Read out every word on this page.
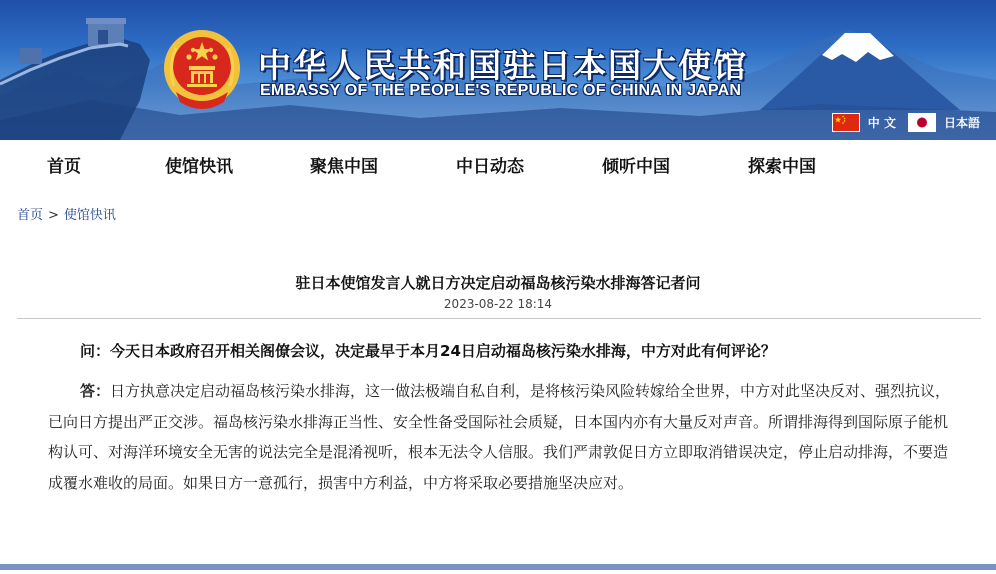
中华人民共和国驻日本国大使馆
EMBASSY OF THE PEOPLE'S REPUBLIC OF CHINA IN JAPAN
中 文	日本語
首页	使馆快讯	聚焦中国	中日动态	倾听中国	探索中国
首页 > 使馆快讯
驻日本使馆发言人就日方决定启动福岛核污染水排海答记者问
2023-08-22 18:14
问：今天日本政府召开相关阁僚会议，决定最早于本月24日启动福岛核污染水排海，中方对此有何评论？
答：日方执意决定启动福岛核污染水排海，这一做法极端自私自利，是将核污染风险转嫁给全世界，中方对此坚决反对、强烈抗议，已向日方提出严正交涉。福岛核污染水排海正当性、安全性备受国际社会质疑，日本国内亦有大量反对声音。所谓排海得到国际原子能机构认可、对海洋环境安全无害的说法完全是混淆视听，根本无法令人信服。我们严肃敦促日方立即取消错误决定，停止启动排海，不要造成覆水难收的局面。如果日方一意孤行，损害中方利益，中方将采取必要措施坚决应对。
